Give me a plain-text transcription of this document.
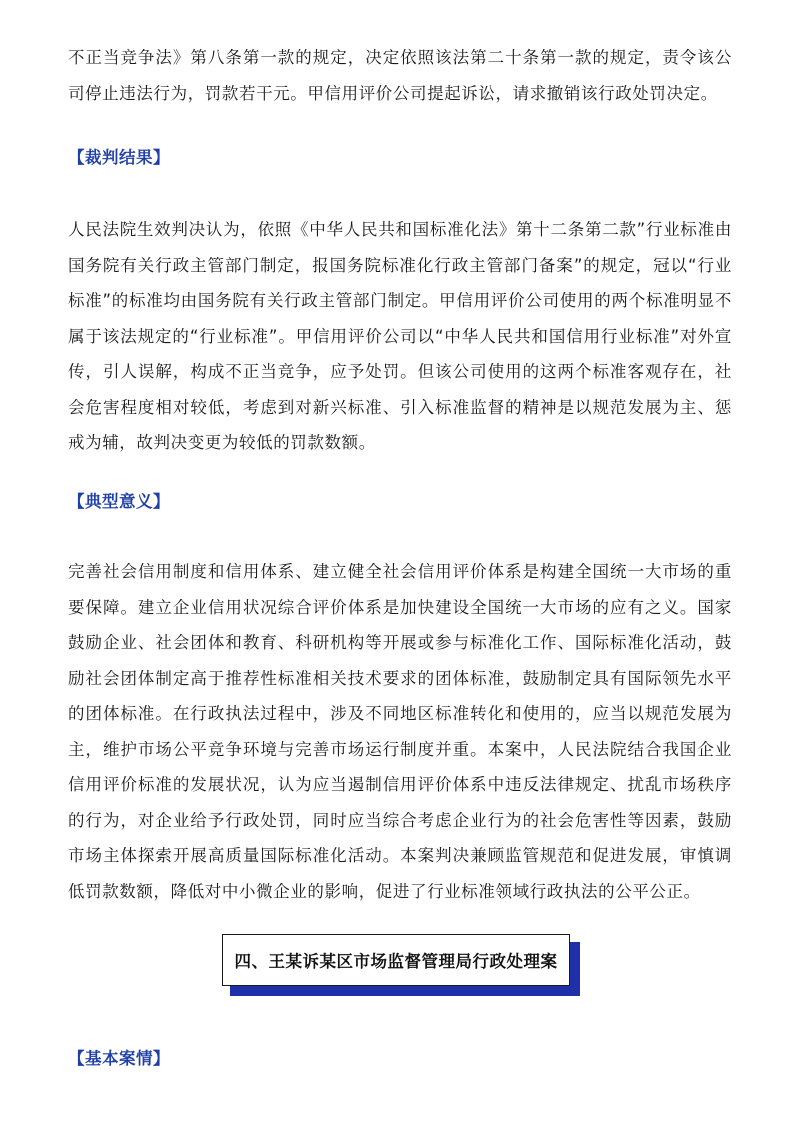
不正当竞争法》第八条第一款的规定，决定依照该法第二十条第一款的规定，责令该公司停止违法行为，罚款若干元。甲信用评价公司提起诉讼，请求撤销该行政处罚决定。

【裁判结果】

人民法院生效判决认为，依照《中华人民共和国标准化法》第十二条第二款”行业标准由国务院有关行政主管部门制定，报国务院标准化行政主管部门备案”的规定，冠以“行业标准”的标准均由国务院有关行政主管部门制定。甲信用评价公司使用的两个标准明显不属于该法规定的“行业标准”。甲信用评价公司以“中华人民共和国信用行业标准”对外宣传，引人误解，构成不正当竞争，应予处罚。但该公司使用的这两个标准客观存在，社会危害程度相对较低，考虑到对新兴标准、引入标准监督的精神是以规范发展为主、惩戒为辅，故判决变更为较低的罚款数额。

【典型意义】

完善社会信用制度和信用体系、建立健全社会信用评价体系是构建全国统一大市场的重要保障。建立企业信用状况综合评价体系是加快建设全国统一大市场的应有之义。国家鼓励企业、社会团体和教育、科研机构等开展或参与标准化工作、国际标准化活动，鼓励社会团体制定高于推荐性标准相关技术要求的团体标准，鼓励制定具有国际领先水平的团体标准。在行政执法过程中，涉及不同地区标准转化和使用的，应当以规范发展为主，维护市场公平竞争环境与完善市场运行制度并重。本案中，人民法院结合我国企业信用评价标准的发展状况，认为应当遏制信用评价体系中违反法律规定、扰乱市场秩序的行为，对企业给予行政处罚，同时应当综合考虑企业行为的社会危害性等因素，鼓励市场主体探索开展高质量国际标准化活动。本案判决兼顾监管规范和促进发展，审慎调低罚款数额，降低对中小微企业的影响，促进了行业标准领域行政执法的公平公正。

四、王某诉某区市场监督管理局行政处理案
【基本案情】
